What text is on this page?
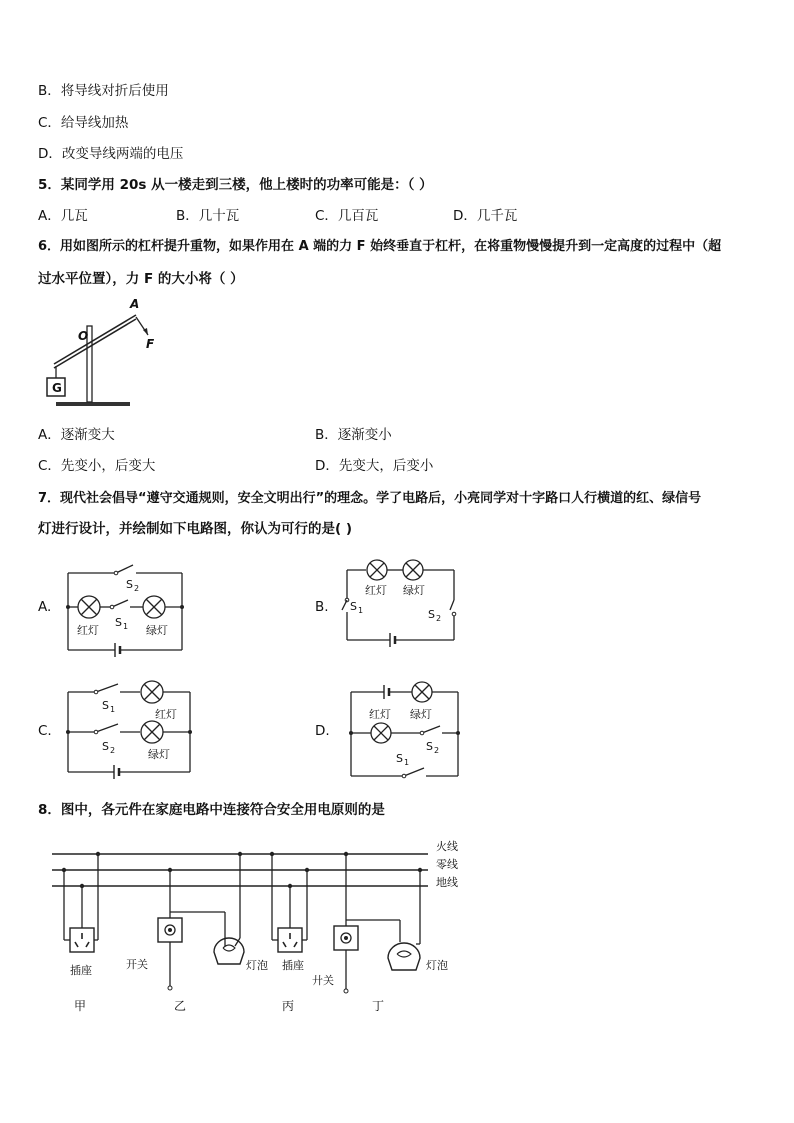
B．将导线对折后使用
C．给导线加热
D．改变导线两端的电压
5．某同学用 20s 从一楼走到三楼，他上楼时的功率可能是：（ ）
A．几瓦	B．几十瓦	C．几百瓦	D．几千瓦
6．用如图所示的杠杆提升重物，如果作用在 A 端的力 F 始终垂直于杠杆，在将重物慢慢提升到一定高度的过程中（超
过水平位置），力 F 的大小将（ ）
G
O
A
F
A．逐渐变大	B．逐渐变小
C．先变小，后变大	D．先变大，后变小
7．现代社会倡导“遵守交通规则，安全文明出行”的理念。学了电路后，小亮同学对十字路口人行横道的红、绿信号
灯进行设计，并绘制如下电路图，你认为可行的是( )
A.
S 2
红灯
S 1 绿灯
B.
红灯 绿灯
S 1	S 2
C.
S 1	红灯
S 2	绿灯
D.
红灯 绿灯
S 2
S 1
8．图中，各元件在家庭电路中连接符合安全用电原则的是
火线
零线
地线
插座	开关	灯泡 插座
廾关
灯泡
甲	乙	丙	丁
